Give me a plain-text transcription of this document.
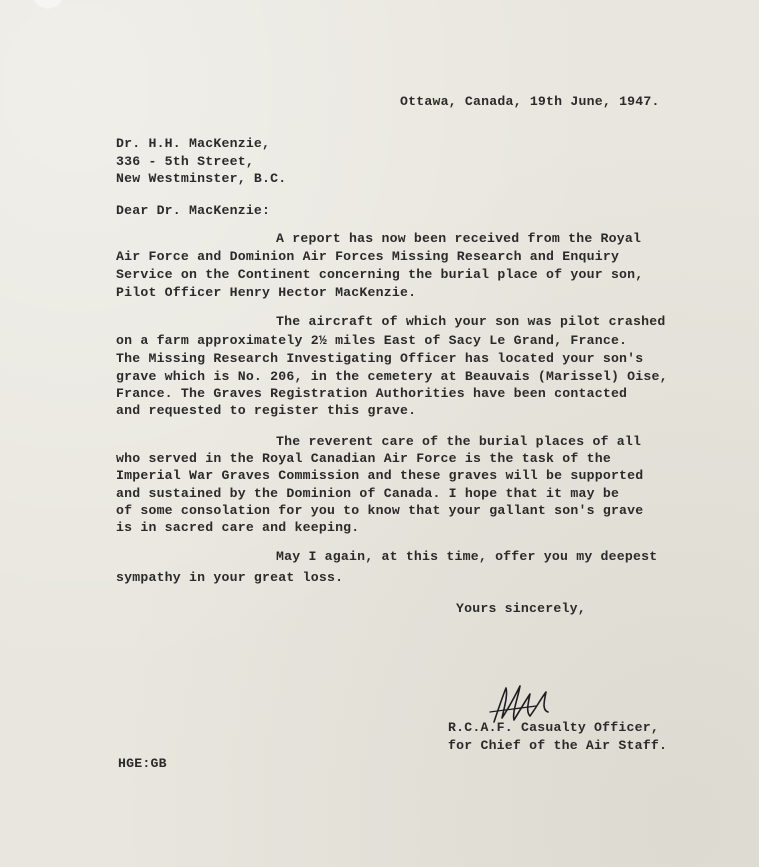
Ottawa, Canada, 19th June, 1947.
Dr. H.H. MacKenzie,
336 - 5th Street,
New Westminster, B.C.
Dear Dr. MacKenzie:
A report has now been received from the Royal
Air Force and Dominion Air Forces Missing Research and Enquiry
Service on the Continent concerning the burial place of your son,
Pilot Officer Henry Hector MacKenzie.
The aircraft of which your son was pilot crashed
on a farm approximately 2½ miles East of Sacy Le Grand, France.
The Missing Research Investigating Officer has located your son's
grave which is No. 206, in the cemetery at Beauvais (Marissel) Oise,
France. The Graves Registration Authorities have been contacted
and requested to register this grave.
The reverent care of the burial places of all
who served in the Royal Canadian Air Force is the task of the
Imperial War Graves Commission and these graves will be supported
and sustained by the Dominion of Canada. I hope that it may be
of some consolation for you to know that your gallant son's grave
is in sacred care and keeping.
May I again, at this time, offer you my deepest
sympathy in your great loss.
Yours sincerely,
R.C.A.F. Casualty Officer,
for Chief of the Air Staff.
HGE:GB
